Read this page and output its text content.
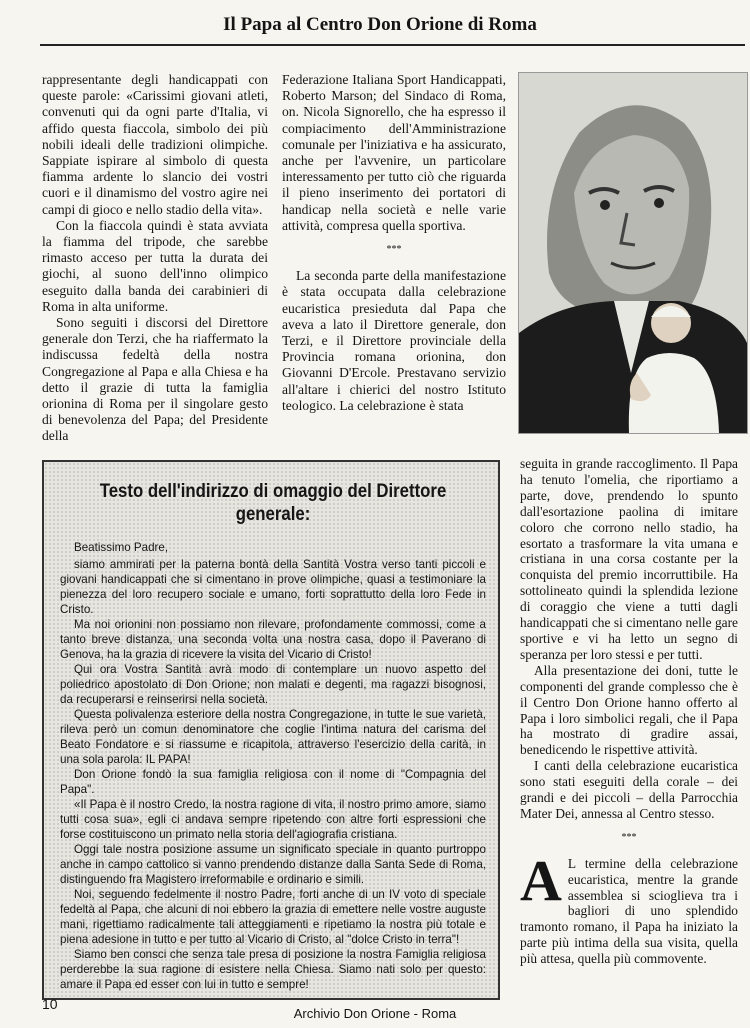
Il Papa al Centro Don Orione di Roma

rappresentante degli handicappati con queste parole: «Carissimi giovani atleti, convenuti qui da ogni parte d'Italia, vi affido questa fiaccola, simbolo dei più nobili ideali delle tradizioni olimpiche. Sappiate ispirare al simbolo di questa fiamma ardente lo slancio dei vostri cuori e il dinamismo del vostro agire nei campi di gioco e nello stadio della vita».

Con la fiaccola quindi è stata avviata la fiamma del tripode, che sarebbe rimasto acceso per tutta la durata dei giochi, al suono dell'inno olimpico eseguito dalla banda dei carabinieri di Roma in alta uniforme.

Sono seguiti i discorsi del Direttore generale don Terzi, che ha riaffermato la indiscussa fedeltà della nostra Congregazione al Papa e alla Chiesa e ha detto il grazie di tutta la famiglia orionina di Roma per il singolare gesto di benevolenza del Papa; del Presidente della

Federazione Italiana Sport Handicappati, Roberto Marson; del Sindaco di Roma, on. Nicola Signorello, che ha espresso il compiacimento dell'Amministrazione comunale per l'iniziativa e ha assicurato, anche per l'avvenire, un particolare interessamento per tutto ciò che riguarda il pieno inserimento dei portatori di handicap nella società e nelle varie attività, compresa quella sportiva.

***

La seconda parte della manifestazione è stata occupata dalla celebrazione eucaristica presieduta dal Papa che aveva a lato il Direttore generale, don Terzi, e il Direttore provinciale della Provincia romana orionina, don Giovanni D'Ercole. Prestavano servizio all'altare i chierici del nostro Istituto teologico. La celebrazione è stata

Testo dell'indirizzo di omaggio del Direttore generale:

Beatissimo Padre,

siamo ammirati per la paterna bontà della Santità Vostra verso tanti piccoli e giovani handicappati che si cimentano in prove olimpiche, quasi a testimoniare la pienezza del loro recupero sociale e umano, forti soprattutto della loro Fede in Cristo.

Ma noi orionini non possiamo non rilevare, profondamente commossi, come a tanto breve distanza, una seconda volta una nostra casa, dopo il Paverano di Genova, ha la grazia di ricevere la visita del Vicario di Cristo!

Qui ora Vostra Santità avrà modo di contemplare un nuovo aspetto del poliedrico apostolato di Don Orione; non malati e degenti, ma ragazzi bisognosi, da recuperarsi e reinserirsi nella società.

Questa polivalenza esteriore della nostra Congregazione, in tutte le sue varietà, rileva però un comun denominatore che coglie l'intima natura del carisma del Beato Fondatore e si riassume e ricapitola, attraverso l'esercizio della carità, in una sola parola: IL PAPA!

Don Orione fondò la sua famiglia religiosa con il nome di "Compagnia del Papa".

«Il Papa è il nostro Credo, la nostra ragione di vita, il nostro primo amore, siamo tutti cosa sua», egli ci andava sempre ripetendo con altre forti espressioni che forse costituiscono un primato nella storia dell'agiografia cristiana.

Oggi tale nostra posizione assume un significato speciale in quanto purtroppo anche in campo cattolico si vanno prendendo distanze dalla Santa Sede di Roma, distinguendo fra Magistero irreformabile e ordinario e simili.

Noi, seguendo fedelmente il nostro Padre, forti anche di un IV voto di speciale fedeltà al Papa, che alcuni di noi ebbero la grazia di emettere nelle vostre auguste mani, rigettiamo radicalmente tali atteggiamenti e ripetiamo la nostra più totale e piena adesione in tutto e per tutto al Vicario di Cristo, al "dolce Cristo in terra"!

Siamo ben consci che senza tale presa di posizione la nostra Famiglia religiosa perderebbe la sua ragione di esistere nella Chiesa. Siamo nati solo per questo: amare il Papa ed esser con lui in tutto e sempre!

seguita in grande raccoglimento. Il Papa ha tenuto l'omelia, che riportiamo a parte, dove, prendendo lo spunto dall'esortazione paolina di imitare coloro che corrono nello stadio, ha esortato a trasformare la vita umana e cristiana in una corsa costante per la conquista del premio incorruttibile. Ha sottolineato quindi la splendida lezione di coraggio che viene a tutti dagli handicappati che si cimentano nelle gare sportive e vi ha letto un segno di speranza per loro stessi e per tutti.

Alla presentazione dei doni, tutte le componenti del grande complesso che è il Centro Don Orione hanno offerto al Papa i loro simbolici regali, che il Papa ha mostrato di gradire assai, benedicendo le rispettive attività.

I canti della celebrazione eucaristica sono stati eseguiti della corale – dei grandi e dei piccoli – della Parrocchia Mater Dei, annessa al Centro stesso.

***

A L termine della celebrazione eucaristica, mentre la grande assemblea si scioglieva tra i bagliori di uno splendido tramonto romano, il Papa ha iniziato la parte più intima della sua visita, quella più attesa, quella più commovente.

10
Archivio Don Orione - Roma
